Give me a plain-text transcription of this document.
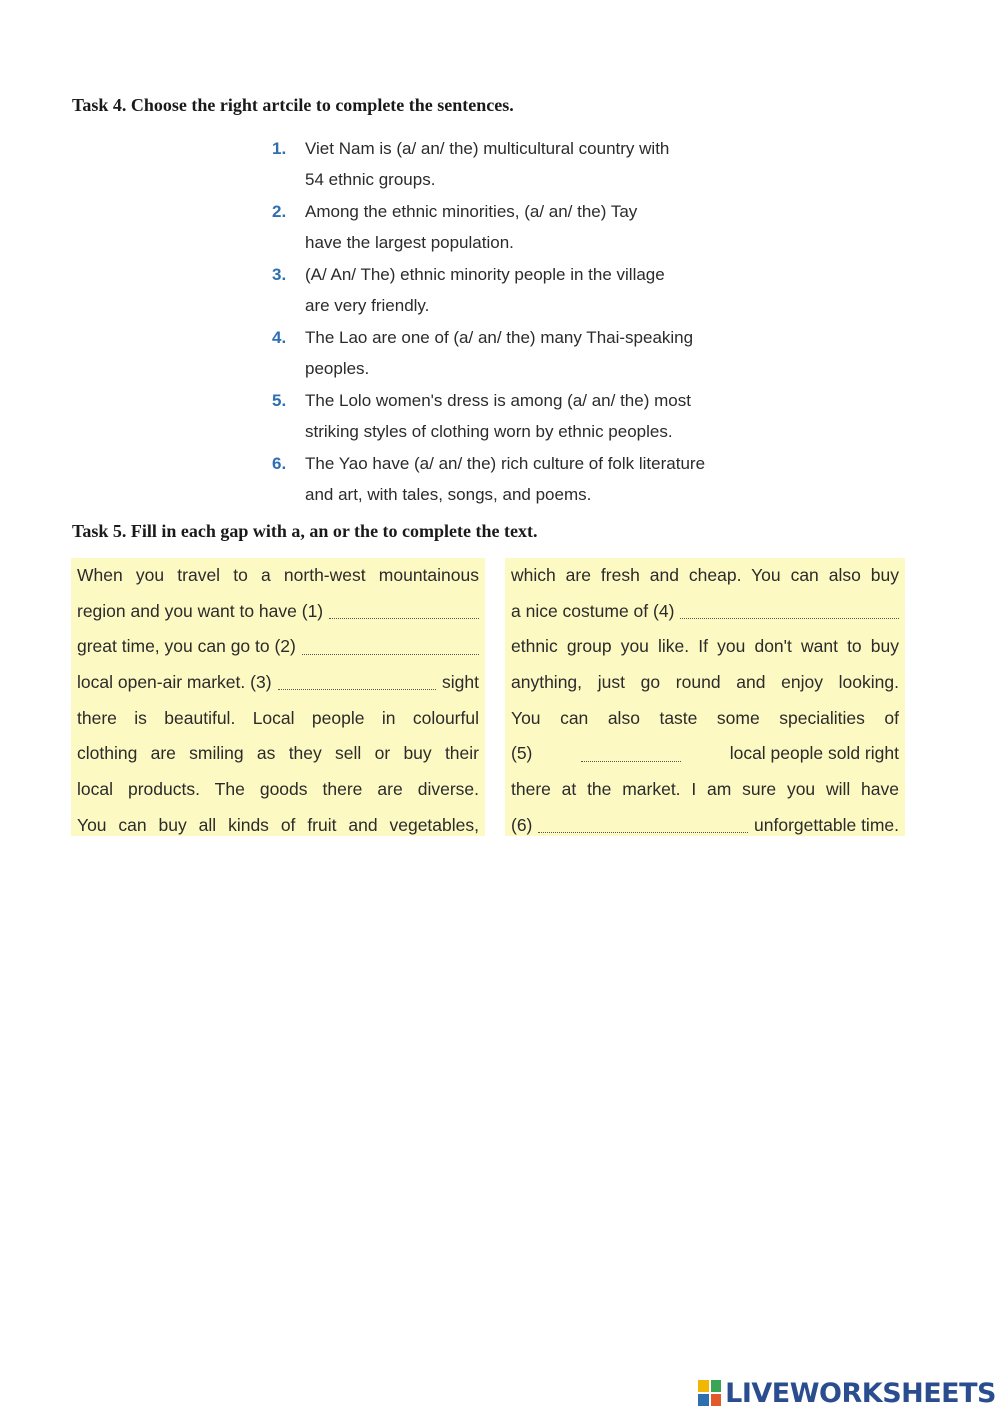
Task 4. Choose the right artcile to complete the sentences.
1. Viet Nam is (a/ an/ the) multicultural country with

54 ethnic groups.

2. Among the ethnic minorities, (a/ an/ the) Tay

have the largest population.

3. (A/ An/ The) ethnic minority people in the village

are very friendly.

4. The Lao are one of (a/ an/ the) many Thai-speaking

peoples.

5. The Lolo women's dress is among (a/ an/ the) most

striking styles of clothing worn by ethnic peoples.

6. The Yao have (a/ an/ the) rich culture of folk literature

and art, with tales, songs, and poems.

Task 5. Fill in each gap with a, an or the to complete the text.
When you travel to a north-west mountainous
region and you want to have (1)
great time, you can go to (2)
local open-air market. (3)	sight
there is beautiful. Local people in colourful
clothing are smiling as they sell or buy their
local products. The goods there are diverse.
You can buy all kinds of fruit and vegetables,
which are fresh and cheap. You can also buy
a nice costume of (4)
ethnic group you like. If you don't want to buy
anything, just go round and enjoy looking.
You can also taste some specialities of
(5)	local people sold right
there at the market. I am sure you will have
(6)	unforgettable time.
LIVEWORKSHEETS
